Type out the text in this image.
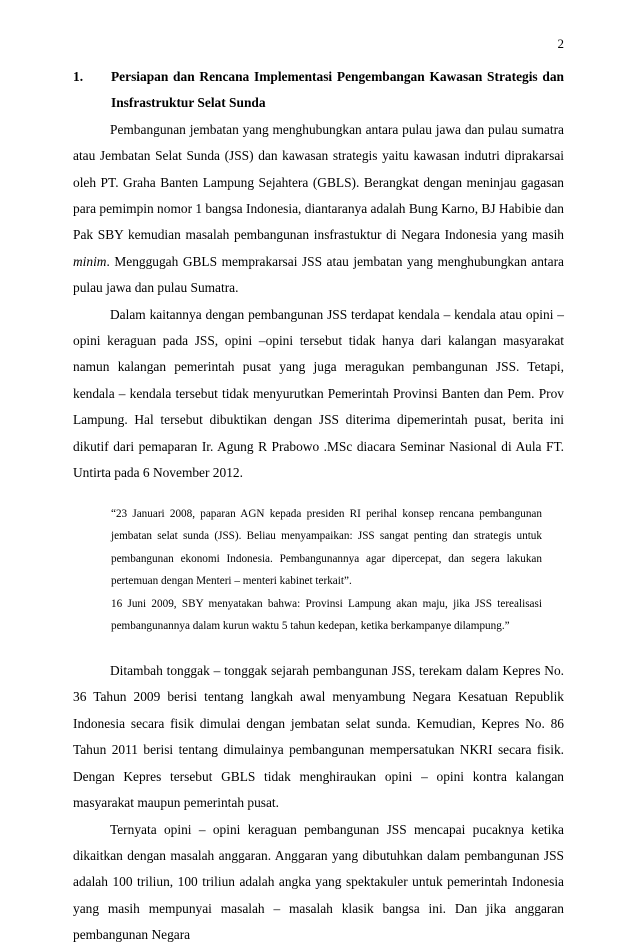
2
1.	Persiapan dan Rencana Implementasi Pengembangan Kawasan Strategis dan Insfrastruktur Selat Sunda

Pembangunan jembatan yang menghubungkan antara pulau jawa dan pulau sumatra atau Jembatan Selat Sunda (JSS) dan kawasan strategis yaitu kawasan indutri diprakarsai oleh PT. Graha Banten Lampung Sejahtera (GBLS). Berangkat dengan meninjau gagasan para pemimpin nomor 1 bangsa Indonesia, diantaranya adalah Bung Karno, BJ Habibie dan Pak SBY kemudian masalah pembangunan insfrastuktur di Negara Indonesia yang masih minim. Menggugah GBLS memprakarsai JSS atau jembatan yang menghubungkan antara pulau jawa dan pulau Sumatra.

Dalam kaitannya dengan pembangunan JSS terdapat kendala – kendala atau opini – opini keraguan pada JSS, opini –opini tersebut tidak hanya dari kalangan masyarakat namun kalangan pemerintah pusat yang juga meragukan pembangunan JSS. Tetapi, kendala – kendala tersebut tidak menyurutkan Pemerintah Provinsi Banten dan Pem. Prov Lampung. Hal tersebut dibuktikan dengan JSS diterima dipemerintah pusat, berita ini dikutif dari pemaparan Ir. Agung R Prabowo .MSc diacara Seminar Nasional di Aula FT. Untirta pada 6 November 2012.

“23 Januari 2008, paparan AGN kepada presiden RI perihal konsep rencana pembangunan jembatan selat sunda (JSS). Beliau menyampaikan: JSS sangat penting dan strategis untuk pembangunan ekonomi Indonesia. Pembangunannya agar dipercepat, dan segera lakukan pertemuan dengan Menteri – menteri kabinet terkait”.

16 Juni 2009, SBY menyatakan bahwa: Provinsi Lampung akan maju, jika JSS terealisasi pembangunannya dalam kurun waktu 5 tahun kedepan, ketika berkampanye dilampung.”

Ditambah tonggak – tonggak sejarah pembangunan JSS, terekam dalam Kepres No. 36 Tahun 2009 berisi tentang langkah awal menyambung Negara Kesatuan Republik Indonesia secara fisik dimulai dengan jembatan selat sunda. Kemudian, Kepres No. 86 Tahun 2011 berisi tentang dimulainya pembangunan mempersatukan NKRI secara fisik. Dengan Kepres tersebut GBLS tidak menghiraukan opini – opini kontra kalangan masyarakat maupun pemerintah pusat.

Ternyata opini – opini keraguan pembangunan JSS mencapai pucaknya ketika dikaitkan dengan masalah anggaran. Anggaran yang dibutuhkan dalam pembangunan JSS adalah 100 triliun, 100 triliun adalah angka yang spektakuler untuk pemerintah Indonesia yang masih mempunyai masalah – masalah klasik bangsa ini. Dan jika anggaran pembangunan Negara
